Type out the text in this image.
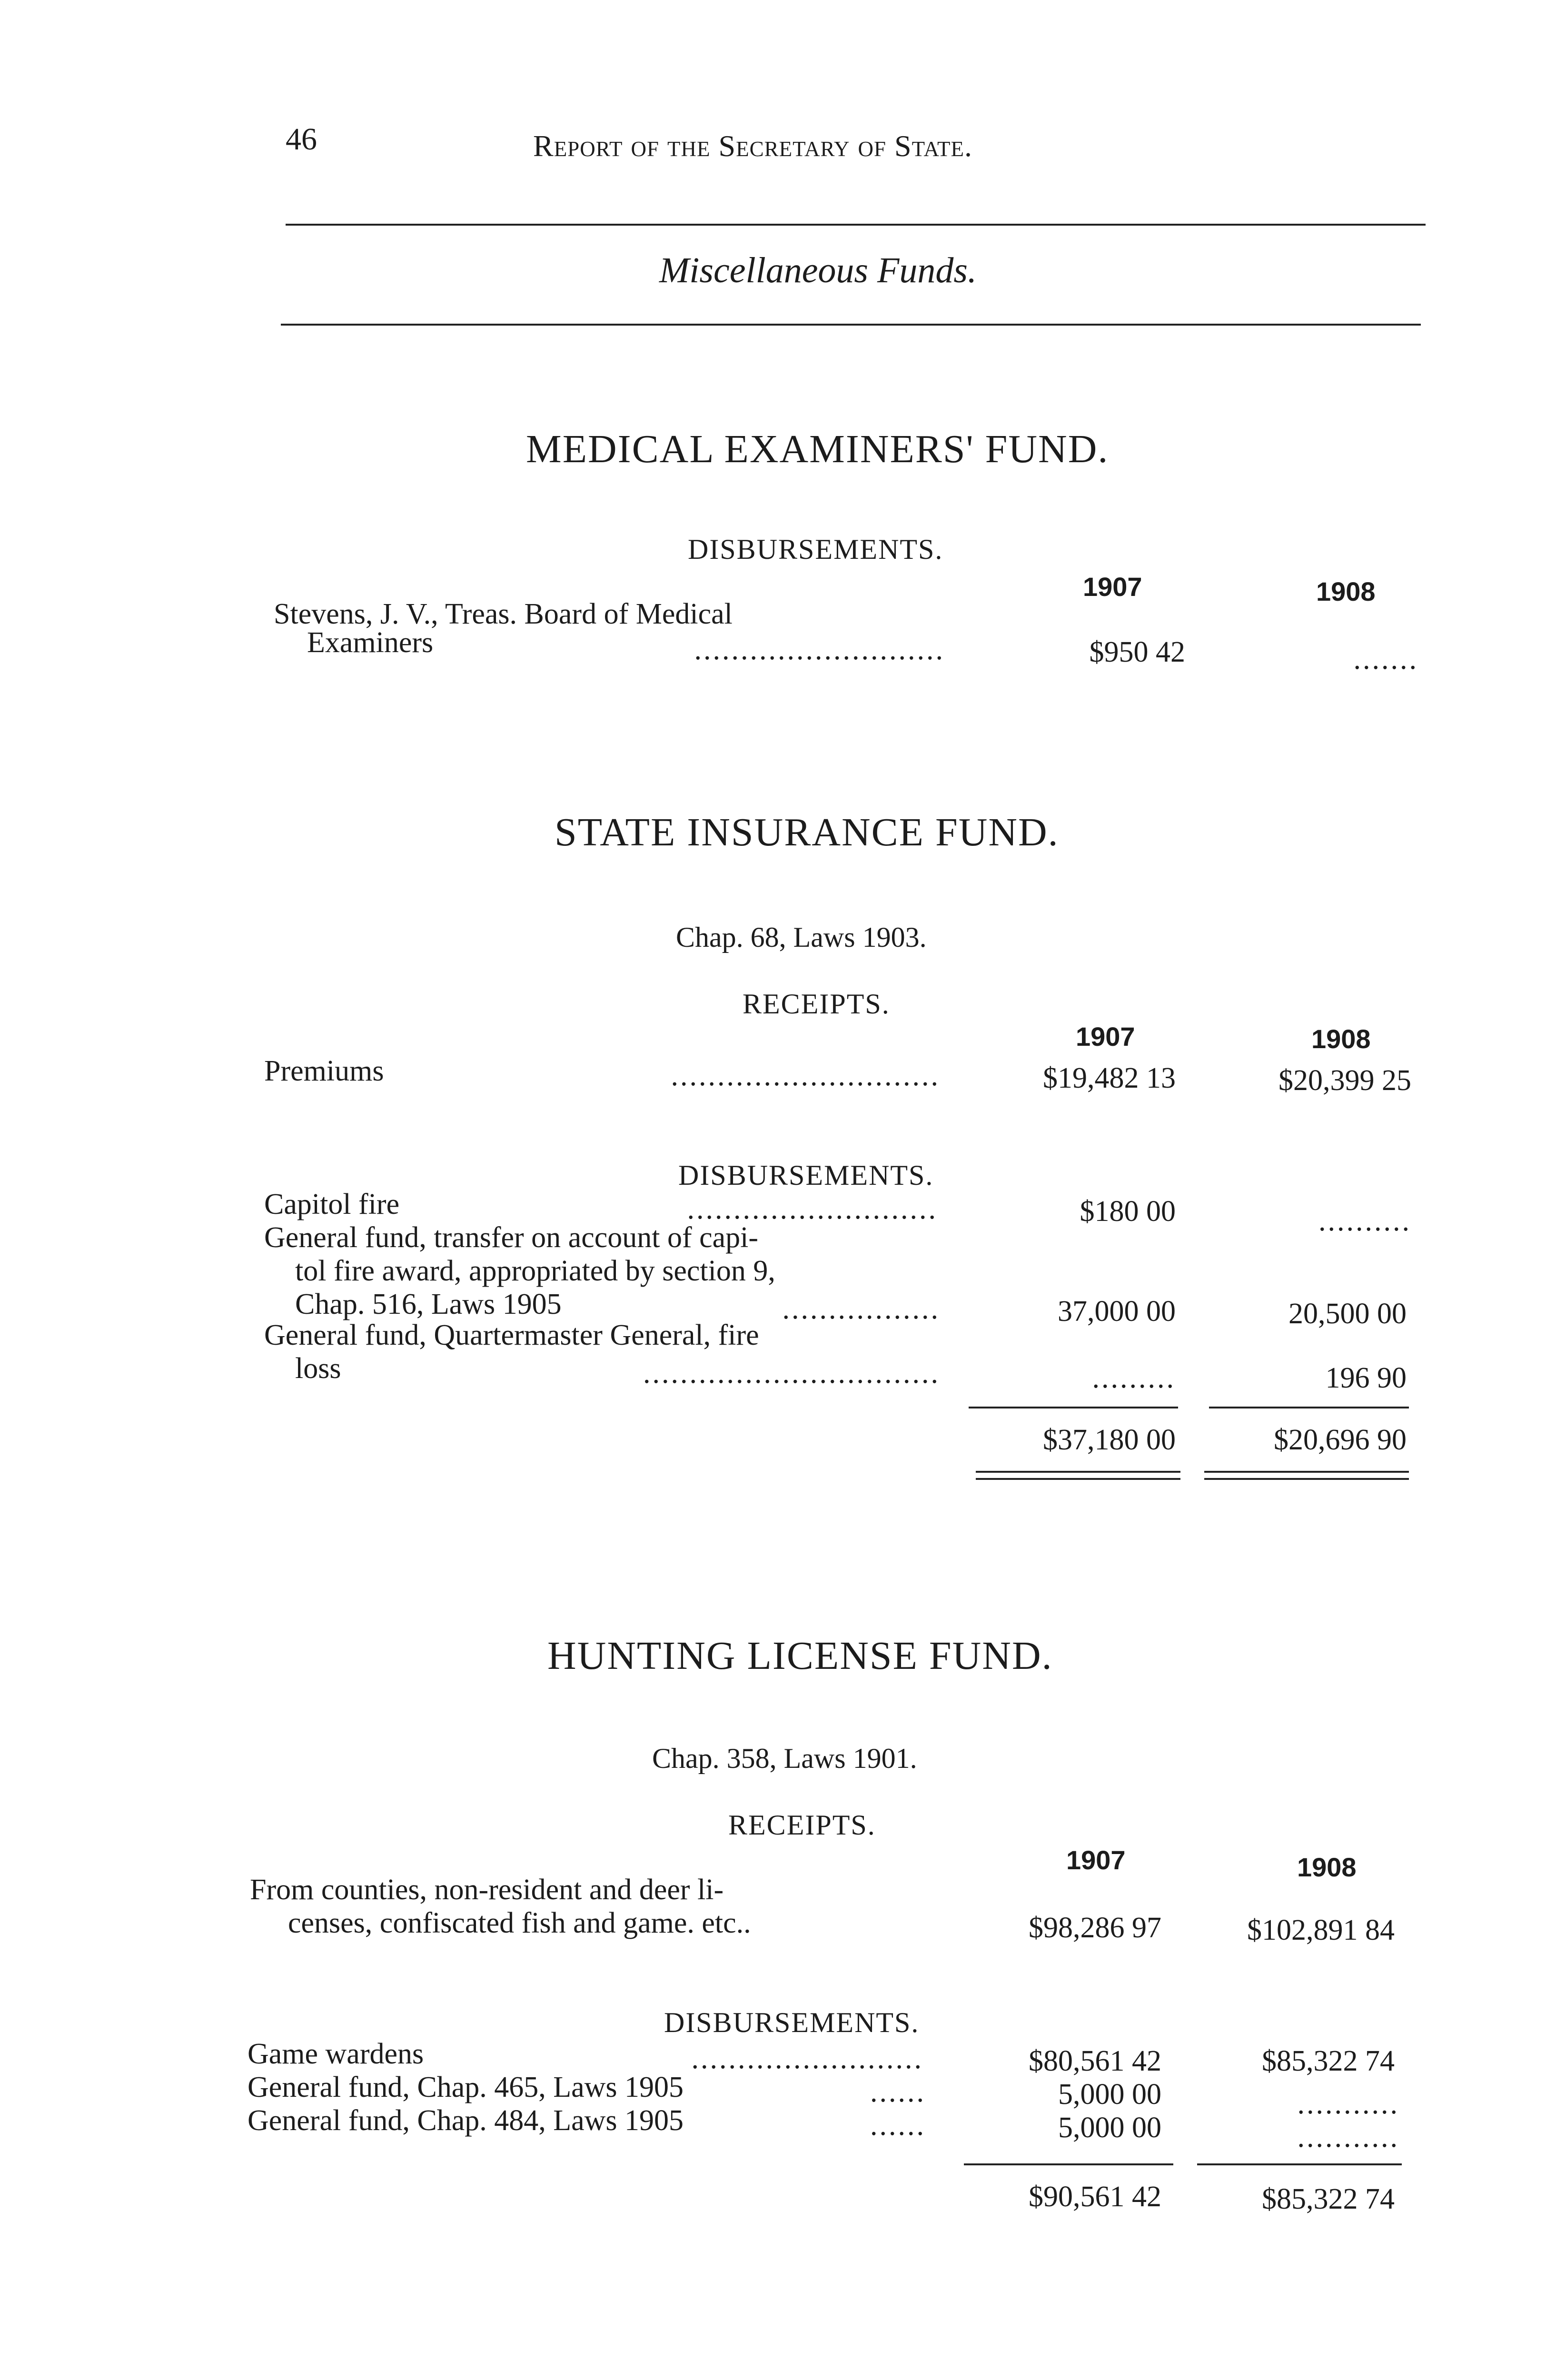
46	Report of the Secretary of State.
Miscellaneous Funds.
MEDICAL EXAMINERS' FUND.
DISBURSEMENTS.
1907	1908
Stevens, J. V., Treas. Board of Medical
Examiners	...........................	$950 42	.......
STATE INSURANCE FUND.
Chap. 68, Laws 1903.
RECEIPTS.
1907	1908
Premiums	.............................	$19,482 13	$20,399 25
DISBURSEMENTS.
Capitol fire	...........................	$180 00	..........
General fund, transfer on account of capi-
tol fire award, appropriated by section 9,
Chap. 516, Laws 1905	.................	37,000 00	20,500 00
General fund, Quartermaster General, fire
loss	................................	.........	196 90
$37,180 00	$20,696 90
HUNTING LICENSE FUND.
Chap. 358, Laws 1901.
RECEIPTS.
1907	1908
From counties, non-resident and deer li-
censes, confiscated fish and game. etc..	$98,286 97	$102,891 84
DISBURSEMENTS.
Game wardens	.........................	$80,561 42	$85,322 74
General fund, Chap. 465, Laws 1905	......	5,000 00	...........
General fund, Chap. 484, Laws 1905	......	5,000 00	...........
$90,561 42	$85,322 74
